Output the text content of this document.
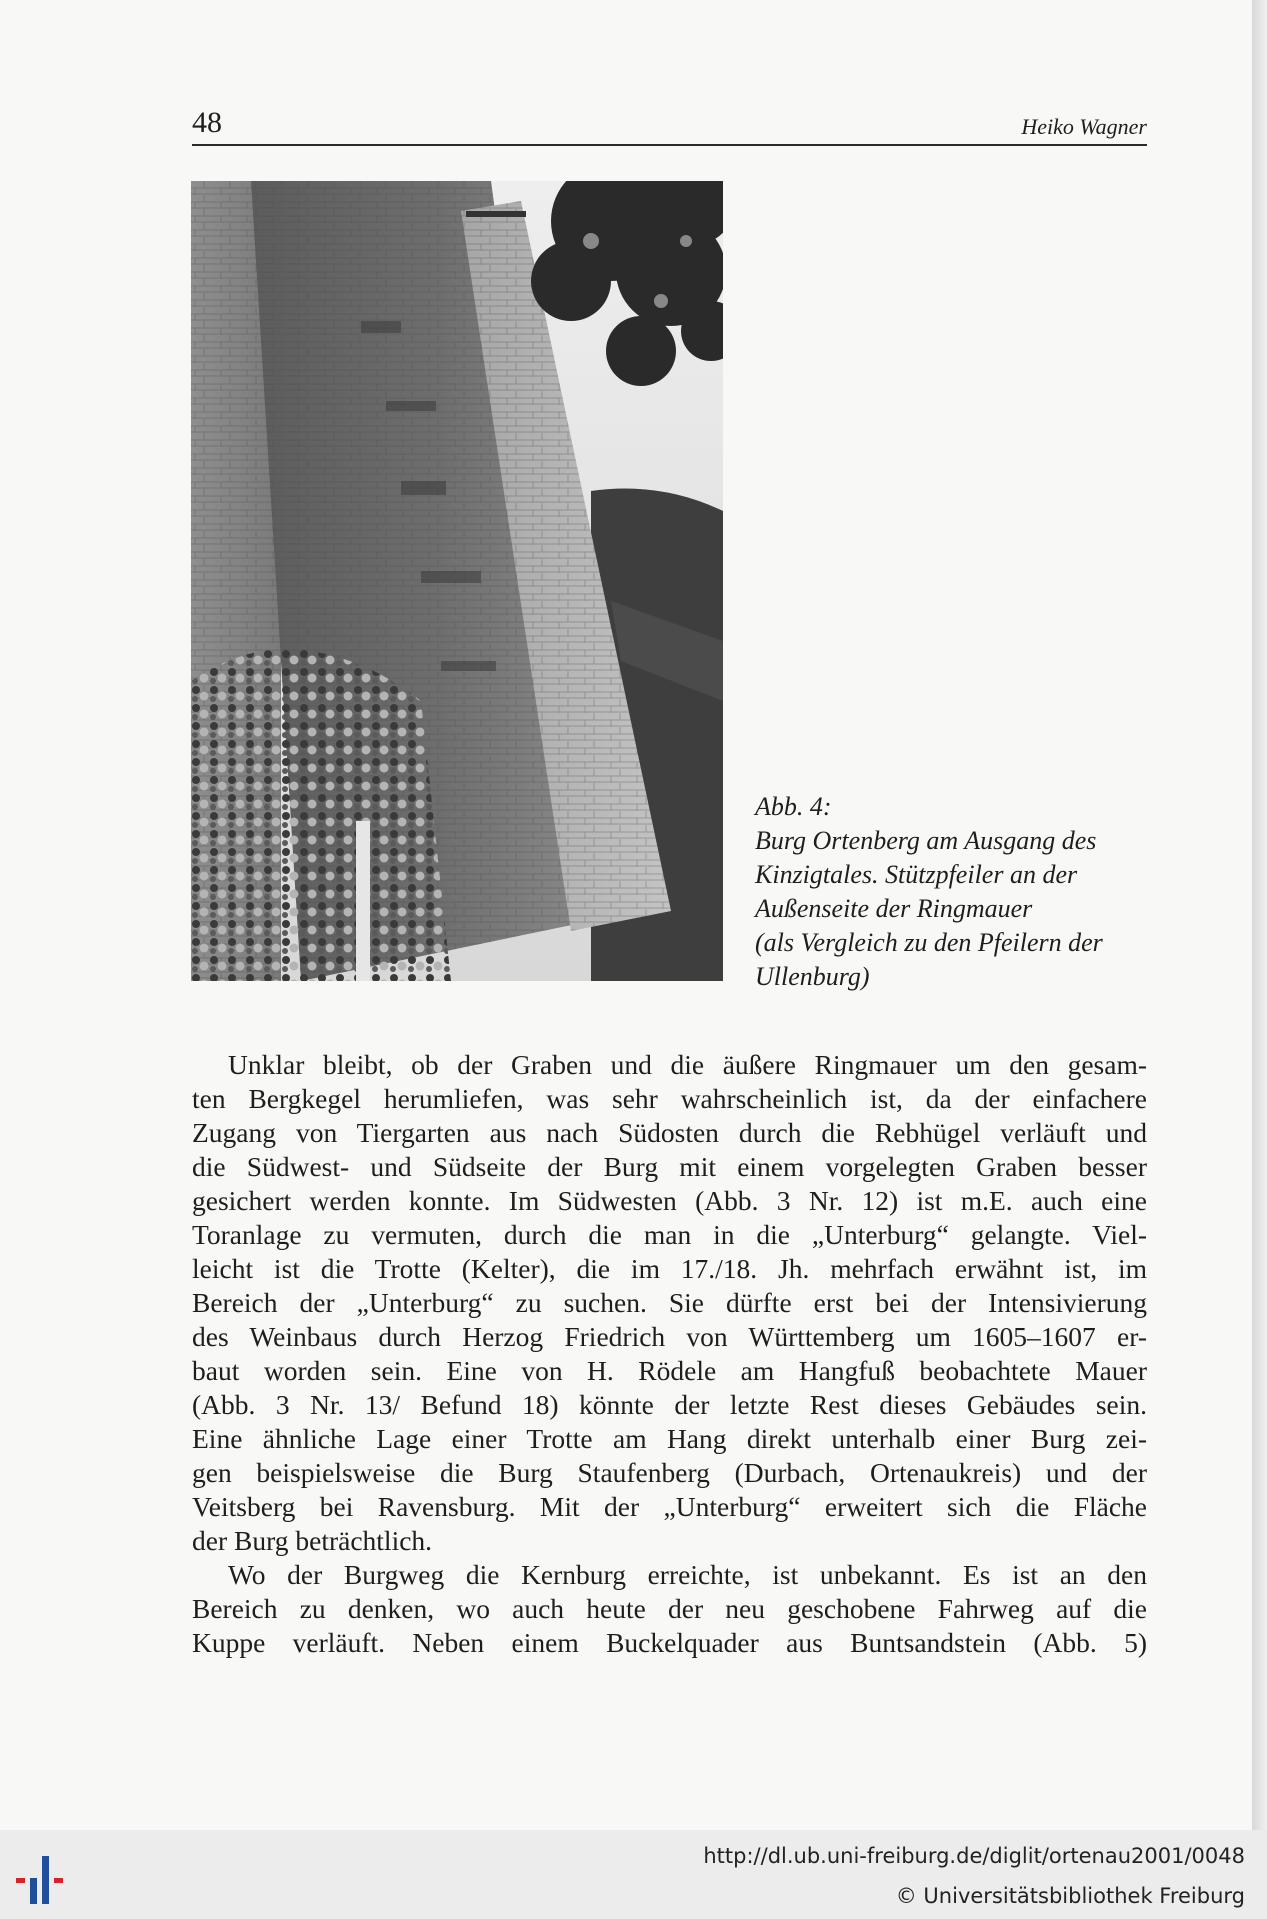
48	Heiko Wagner
Abb. 4:
Burg Ortenberg am Ausgang des
Kinzigtales. Stützpfeiler an der
Außenseite der Ringmauer
(als Vergleich zu den Pfeilern der
Ullenburg)
Unklar bleibt, ob der Graben und die äußere Ringmauer um den gesam-
ten Bergkegel herumliefen, was sehr wahrscheinlich ist, da der einfachere
Zugang von Tiergarten aus nach Südosten durch die Rebhügel verläuft und
die Südwest- und Südseite der Burg mit einem vorgelegten Graben besser
gesichert werden konnte. Im Südwesten (Abb. 3 Nr. 12) ist m.E. auch eine
Toranlage zu vermuten, durch die man in die „Unterburg“ gelangte. Viel-
leicht ist die Trotte (Kelter), die im 17./18. Jh. mehrfach erwähnt ist, im
Bereich der „Unterburg“ zu suchen. Sie dürfte erst bei der Intensivierung
des Weinbaus durch Herzog Friedrich von Württemberg um 1605–1607 er-
baut worden sein. Eine von H. Rödele am Hangfuß beobachtete Mauer
(Abb. 3 Nr. 13/ Befund 18) könnte der letzte Rest dieses Gebäudes sein.
Eine ähnliche Lage einer Trotte am Hang direkt unterhalb einer Burg zei-
gen beispielsweise die Burg Staufenberg (Durbach, Ortenaukreis) und der
Veitsberg bei Ravensburg. Mit der „Unterburg“ erweitert sich die Fläche
der Burg beträchtlich.
Wo der Burgweg die Kernburg erreichte, ist unbekannt. Es ist an den
Bereich zu denken, wo auch heute der neu geschobene Fahrweg auf die
Kuppe verläuft. Neben einem Buckelquader aus Buntsandstein (Abb. 5)
http://dl.ub.uni-freiburg.de/diglit/ortenau2001/0048
© Universitätsbibliothek Freiburg
